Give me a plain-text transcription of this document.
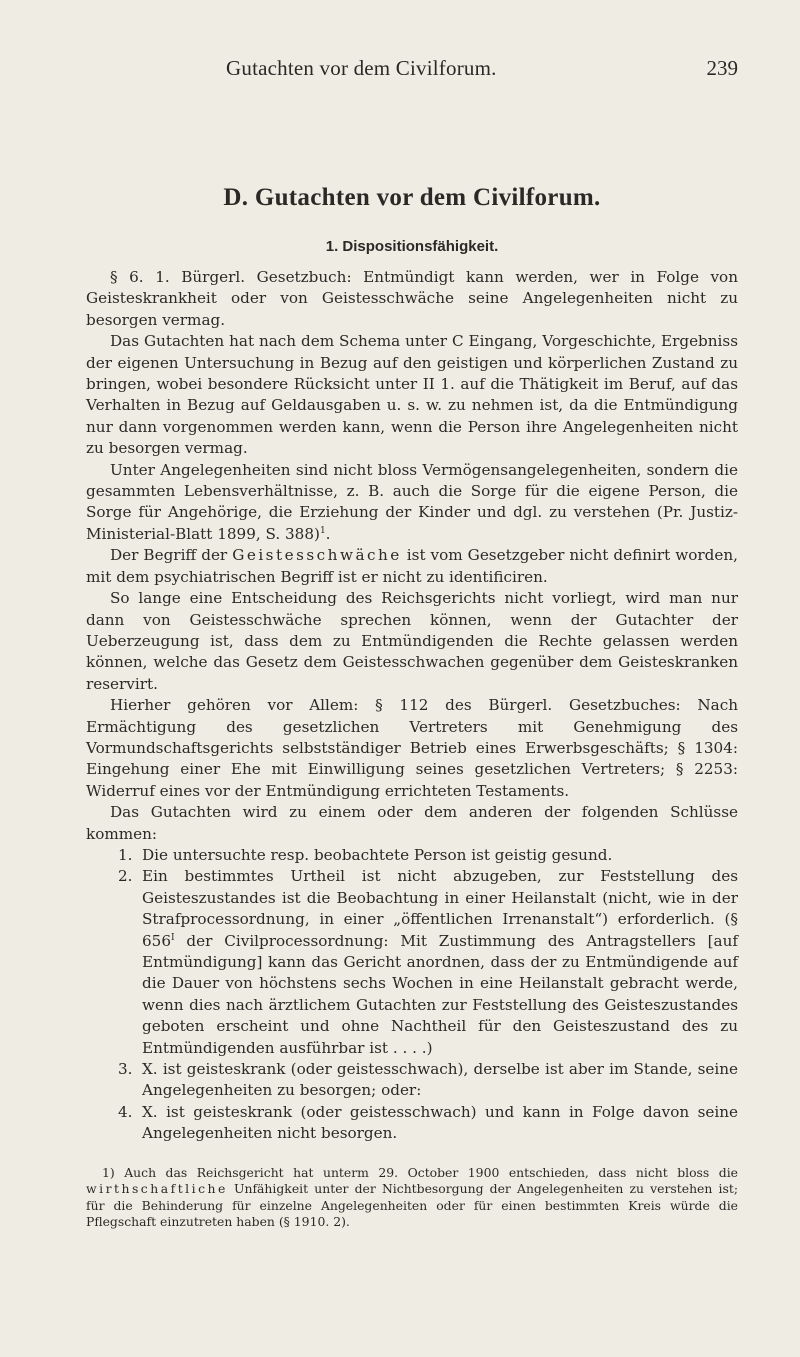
Gutachten vor dem Civilforum.	239
D. Gutachten vor dem Civilforum.
1. Dispositionsfähigkeit.

§ 6. 1. Bürgerl. Gesetzbuch: Entmündigt kann werden, wer in Folge von Geisteskrankheit oder von Geistesschwäche seine Angelegenheiten nicht zu besorgen vermag.

Das Gutachten hat nach dem Schema unter C Eingang, Vorgeschichte, Ergebniss der eigenen Untersuchung in Bezug auf den geistigen und körperlichen Zustand zu bringen, wobei besondere Rücksicht unter II 1. auf die Thätigkeit im Beruf, auf das Verhalten in Bezug auf Geldausgaben u. s. w. zu nehmen ist, da die Entmündigung nur dann vorgenommen werden kann, wenn die Person ihre Angelegenheiten nicht zu besorgen vermag.

Unter Angelegenheiten sind nicht bloss Vermögensangelegenheiten, sondern die gesammten Lebensverhältnisse, z. B. auch die Sorge für die eigene Person, die Sorge für Angehörige, die Erziehung der Kinder und dgl. zu verstehen (Pr. Justiz-Ministerial-Blatt 1899, S. 388)$^1$.

Der Begriff der Geistesschwäche ist vom Gesetzgeber nicht definirt worden, mit dem psychiatrischen Begriff ist er nicht zu identificiren.

So lange eine Entscheidung des Reichsgerichts nicht vorliegt, wird man nur dann von Geistesschwäche sprechen können, wenn der Gutachter der Ueberzeugung ist, dass dem zu Entmündigenden die Rechte gelassen werden können, welche das Gesetz dem Geistesschwachen gegenüber dem Geisteskranken reservirt.

Hierher gehören vor Allem: § 112 des Bürgerl. Gesetzbuches: Nach Ermächtigung des gesetzlichen Vertreters mit Genehmigung des Vormundschaftsgerichts selbstständiger Betrieb eines Erwerbsgeschäfts; § 1304: Eingehung einer Ehe mit Einwilligung seines gesetzlichen Vertreters; § 2253: Widerruf eines vor der Entmündigung errichteten Testaments.

Das Gutachten wird zu einem oder dem anderen der folgenden Schlüsse kommen:

1. Die untersuchte resp. beobachtete Person ist geistig gesund.

2. Ein bestimmtes Urtheil ist nicht abzugeben, zur Feststellung des Geisteszustandes ist die Beobachtung in einer Heilanstalt (nicht, wie in der Strafprocessordnung, in einer „öffentlichen Irrenanstalt“) erforderlich. (§ $656^I$ der Civilprocessordnung: Mit Zustimmung des Antragstellers [auf Entmündigung] kann das Gericht anordnen, dass der zu Entmündigende auf die Dauer von höchstens sechs Wochen in eine Heilanstalt gebracht werde, wenn dies nach ärztlichem Gutachten zur Feststellung des Geisteszustandes geboten erscheint und ohne Nachtheil für den Geisteszustand des zu Entmündigenden ausführbar ist . . . .)

3. X. ist geisteskrank (oder geistesschwach), derselbe ist aber im Stande, seine Angelegenheiten zu besorgen; oder:

4. X. ist geisteskrank (oder geistesschwach) und kann in Folge davon seine Angelegenheiten nicht besorgen.

1) Auch das Reichsgericht hat unterm 29. October 1900 entschieden, dass nicht bloss die wirthschaftliche Unfähigkeit unter der Nichtbesorgung der Angelegenheiten zu verstehen ist; für die Behinderung für einzelne Angelegenheiten oder für einen bestimmten Kreis würde die Pflegschaft einzutreten haben (§ 1910. 2).
